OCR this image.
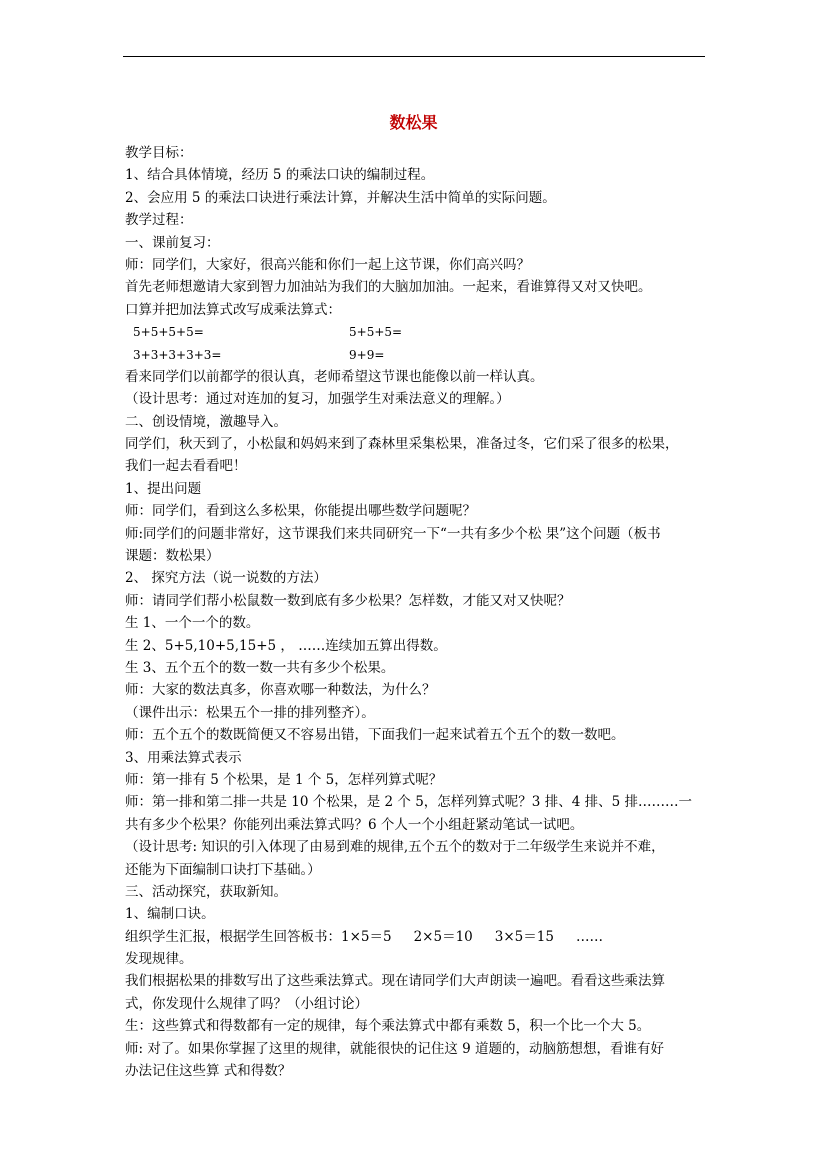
数松果
教学目标：
1、结合具体情境，经历 5 的乘法口诀的编制过程。
2、会应用 5 的乘法口诀进行乘法计算，并解决生活中简单的实际问题。
教学过程：
一、课前复习：
师：同学们，大家好，很高兴能和你们一起上这节课，你们高兴吗？
首先老师想邀请大家到智力加油站为我们的大脑加加油。一起来，看谁算得又对又快吧。
口算并把加法算式改写成乘法算式：
5+5+5+5=	5+5+5=
3+3+3+3+3=	9+9=
看来同学们以前都学的很认真，老师希望这节课也能像以前一样认真。
（设计思考：通过对连加的复习，加强学生对乘法意义的理解。）
二、创设情境，激趣导入。
同学们，秋天到了，小松鼠和妈妈来到了森林里采集松果，准备过冬，它们采了很多的松果，
我们一起去看看吧！
1、提出问题
师：同学们，看到这么多松果，你能提出哪些数学问题呢？
师:同学们的问题非常好，这节课我们来共同研究一下“一共有多少个松 果”这个问题（板书
课题：数松果）
2、 探究方法（说一说数的方法）
师：请同学们帮小松鼠数一数到底有多少松果？怎样数，才能又对又快呢？
生 1、一个一个的数。
生 2、5+5,10+5,15+5 ， ……连续加五算出得数。
生 3、五个五个的数一数一共有多少个松果。
师：大家的数法真多，你喜欢哪一种数法，为什么？
（课件出示：松果五个一排的排列整齐）。
师：五个五个的数既简便又不容易出错，下面我们一起来试着五个五个的数一数吧。
3、用乘法算式表示
师：第一排有 5 个松果，是 1 个 5，怎样列算式呢？
师：第一排和第二排一共是 10 个松果，是 2 个 5，怎样列算式呢？3 排、4 排、5 排………一
共有多少个松果？你能列出乘法算式吗？6 个人一个小组赶紧动笔试一试吧。
（设计思考: 知识的引入体现了由易到难的规律,五个五个的数对于二年级学生来说并不难，
还能为下面编制口诀打下基础。）
三、活动探究，获取新知。
1、编制口诀。
组织学生汇报，根据学生回答板书：1×5＝5 2×5＝10 3×5＝15 ……
发现规律。
我们根据松果的排数写出了这些乘法算式。现在请同学们大声朗读一遍吧。看看这些乘法算
式，你发现什么规律了吗？（小组讨论）
生：这些算式和得数都有一定的规律，每个乘法算式中都有乘数 5，积一个比一个大 5。
师: 对了。如果你掌握了这里的规律，就能很快的记住这 9 道题的，动脑筋想想，看谁有好
办法记住这些算 式和得数？
